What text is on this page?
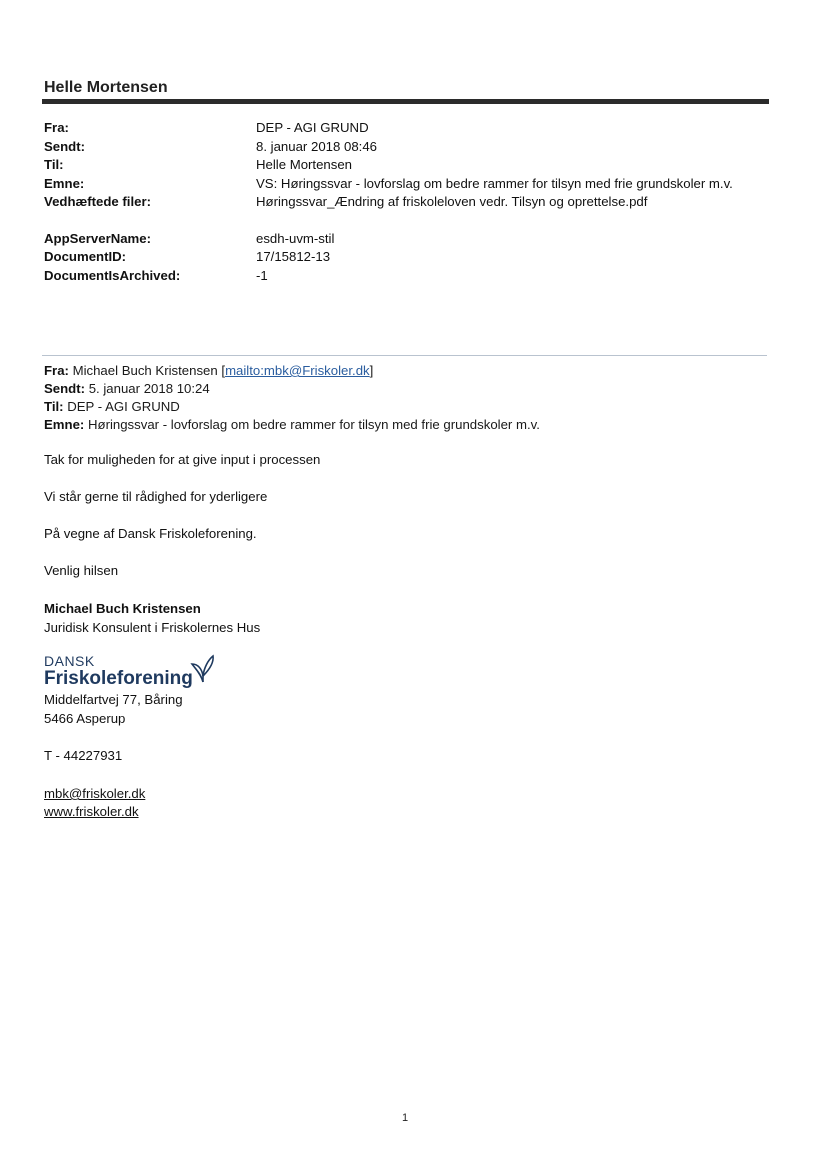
Helle Mortensen
Fra:	DEP - AGI GRUND
Sendt:	8. januar 2018 08:46
Til:	Helle Mortensen
Emne:	VS: Høringssvar - lovforslag om bedre rammer for tilsyn med frie grundskoler m.v.
Vedhæftede filer:	Høringssvar_Ændring af friskoleloven vedr. Tilsyn og oprettelse.pdf
AppServerName:	esdh-uvm-stil
DocumentID:	17/15812-13
DocumentIsArchived:	-1
Fra: Michael Buch Kristensen [mailto:mbk@Friskoler.dk]
Sendt: 5. januar 2018 10:24
Til: DEP - AGI GRUND
Emne: Høringssvar - lovforslag om bedre rammer for tilsyn med frie grundskoler m.v.
Tak for muligheden for at give input i processen
Vi står gerne til rådighed for yderligere
På vegne af Dansk Friskoleforening.
Venlig hilsen
Michael Buch Kristensen
Juridisk Konsulent i Friskolernes Hus
DANSK
Friskoleforening
Middelfartvej 77, Båring
5466 Asperup
T - 44227931
mbk@friskoler.dk
www.friskoler.dk
1
